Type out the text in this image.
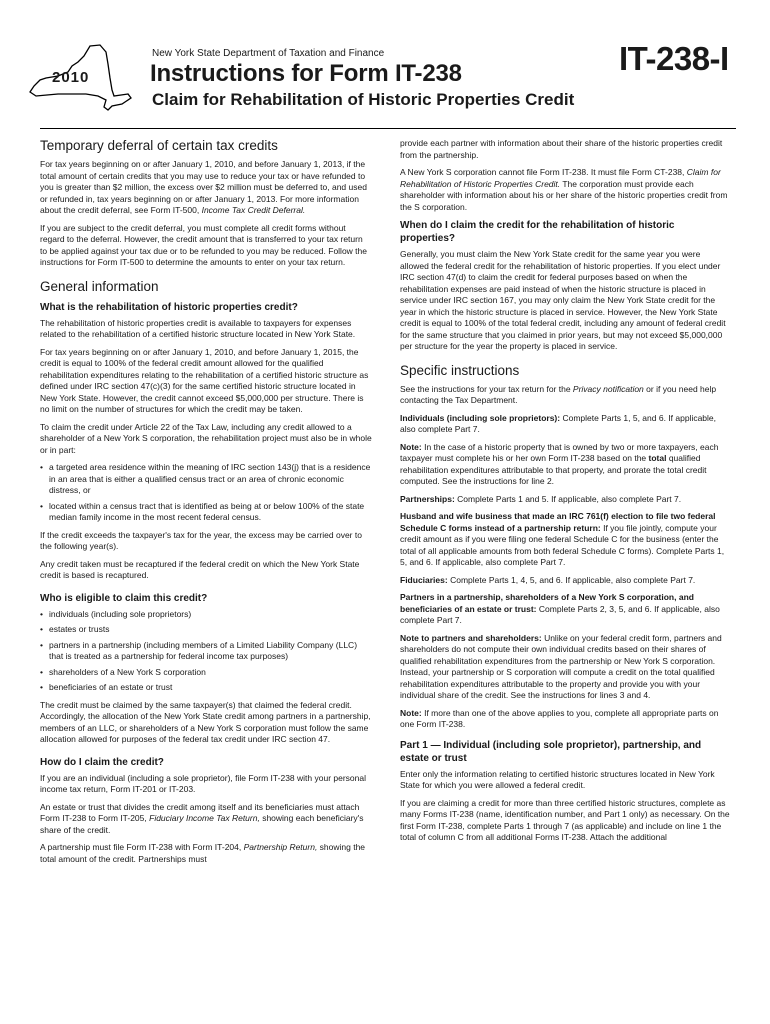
2010
New York State Department of Taxation and Finance
Instructions for Form IT-238
Claim for Rehabilitation of Historic Properties Credit
IT-238-I
Temporary deferral of certain tax credits

For tax years beginning on or after January 1, 2010, and before January 1, 2013, if the total amount of certain credits that you may use to reduce your tax or have refunded to you is greater than $2 million, the excess over $2 million must be deferred to, and used or refunded in, tax years beginning on or after January 1, 2013. For more information about the credit deferral, see Form IT-500, Income Tax Credit Deferral.

If you are subject to the credit deferral, you must complete all credit forms without regard to the deferral. However, the credit amount that is transferred to your tax return to be applied against your tax due or to be refunded to you may be reduced. Follow the instructions for Form IT-500 to determine the amounts to enter on your tax return.

General information
What is the rehabilitation of historic properties credit?

The rehabilitation of historic properties credit is available to taxpayers for expenses related to the rehabilitation of a certified historic structure located in New York State.

For tax years beginning on or after January 1, 2010, and before January 1, 2015, the credit is equal to 100% of the federal credit amount allowed for the qualified rehabilitation expenditures relating to the rehabilitation of a certified historic structure as defined under IRC section 47(c)(3) for the same certified historic structure located in New York State. However, the credit cannot exceed $5,000,000 per structure. There is no limit on the number of structures for which the credit may be taken.

To claim the credit under Article 22 of the Tax Law, including any credit allowed to a shareholder of a New York S corporation, the rehabilitation project must also be in whole or in part:

• a targeted area residence within the meaning of IRC section 143(j) that is a residence in an area that is either a qualified census tract or an area of chronic economic distress, or
• located within a census tract that is identified as being at or below 100% of the state median family income in the most recent federal census.

If the credit exceeds the taxpayer's tax for the year, the excess may be carried over to the following year(s).

Any credit taken must be recaptured if the federal credit on which the New York State credit is based is recaptured.

Who is eligible to claim this credit?
• individuals (including sole proprietors)
• estates or trusts
• partners in a partnership (including members of a Limited Liability Company (LLC) that is treated as a partnership for federal income tax purposes)
• shareholders of a New York S corporation
• beneficiaries of an estate or trust

The credit must be claimed by the same taxpayer(s) that claimed the federal credit. Accordingly, the allocation of the New York State credit among partners in a partnership, members of an LLC, or shareholders of a New York S corporation must follow the same allocation allowed for purposes of the federal tax credit under IRC section 47.

How do I claim the credit?

If you are an individual (including a sole proprietor), file Form IT-238 with your personal income tax return, Form IT-201 or IT-203.

An estate or trust that divides the credit among itself and its beneficiaries must attach Form IT-238 to Form IT-205, Fiduciary Income Tax Return, showing each beneficiary's share of the credit.

A partnership must file Form IT-238 with Form IT-204, Partnership Return, showing the total amount of the credit. Partnerships must

provide each partner with information about their share of the historic properties credit from the partnership.

A New York S corporation cannot file Form IT-238. It must file Form CT-238, Claim for Rehabilitation of Historic Properties Credit. The corporation must provide each shareholder with information about his or her share of the historic properties credit from the S corporation.

When do I claim the credit for the rehabilitation of historic properties?

Generally, you must claim the New York State credit for the same year you were allowed the federal credit for the rehabilitation of historic properties. If you elect under IRC section 47(d) to claim the credit for federal purposes based on when the rehabilitation expenses are paid instead of when the historic structure is placed in service under IRC section 167, you may only claim the New York State credit for the year in which the historic structure is placed in service. However, the New York State credit is equal to 100% of the total federal credit, including any amount of federal credit for the same structure that you claimed in prior years, but may not exceed $5,000,000 per structure for the year the property is placed in service.

Specific instructions

See the instructions for your tax return for the Privacy notification or if you need help contacting the Tax Department.

Individuals (including sole proprietors): Complete Parts 1, 5, and 6. If applicable, also complete Part 7.

Note: In the case of a historic property that is owned by two or more taxpayers, each taxpayer must complete his or her own Form IT-238 based on the total qualified rehabilitation expenditures attributable to that property, and prorate the total credit computed. See the instructions for line 2.

Partnerships: Complete Parts 1 and 5. If applicable, also complete Part 7.

Husband and wife business that made an IRC 761(f) election to file two federal Schedule C forms instead of a partnership return: If you file jointly, compute your credit amount as if you were filing one federal Schedule C for the business (enter the total of all applicable amounts from both federal Schedule C forms). Complete Parts 1, 5, and 6. If applicable, also complete Part 7.

Fiduciaries: Complete Parts 1, 4, 5, and 6. If applicable, also complete Part 7.

Partners in a partnership, shareholders of a New York S corporation, and beneficiaries of an estate or trust: Complete Parts 2, 3, 5, and 6. If applicable, also complete Part 7.

Note to partners and shareholders: Unlike on your federal credit form, partners and shareholders do not compute their own individual credits based on their shares of qualified rehabilitation expenditures from the partnership or New York S corporation. Instead, your partnership or S corporation will compute a credit on the total qualified rehabilitation expenditures attributable to the property and provide you with your individual share of the credit. See the instructions for lines 3 and 4.

Note: If more than one of the above applies to you, complete all appropriate parts on one Form IT-238.

Part 1 — Individual (including sole proprietor), partnership, and estate or trust

Enter only the information relating to certified historic structures located in New York State for which you were allowed a federal credit.

If you are claiming a credit for more than three certified historic structures, complete as many Forms IT-238 (name, identification number, and Part 1 only) as necessary. On the first Form IT-238, complete Parts 1 through 7 (as applicable) and include on line 1 the total of column C from all additional Forms IT-238. Attach the additional
